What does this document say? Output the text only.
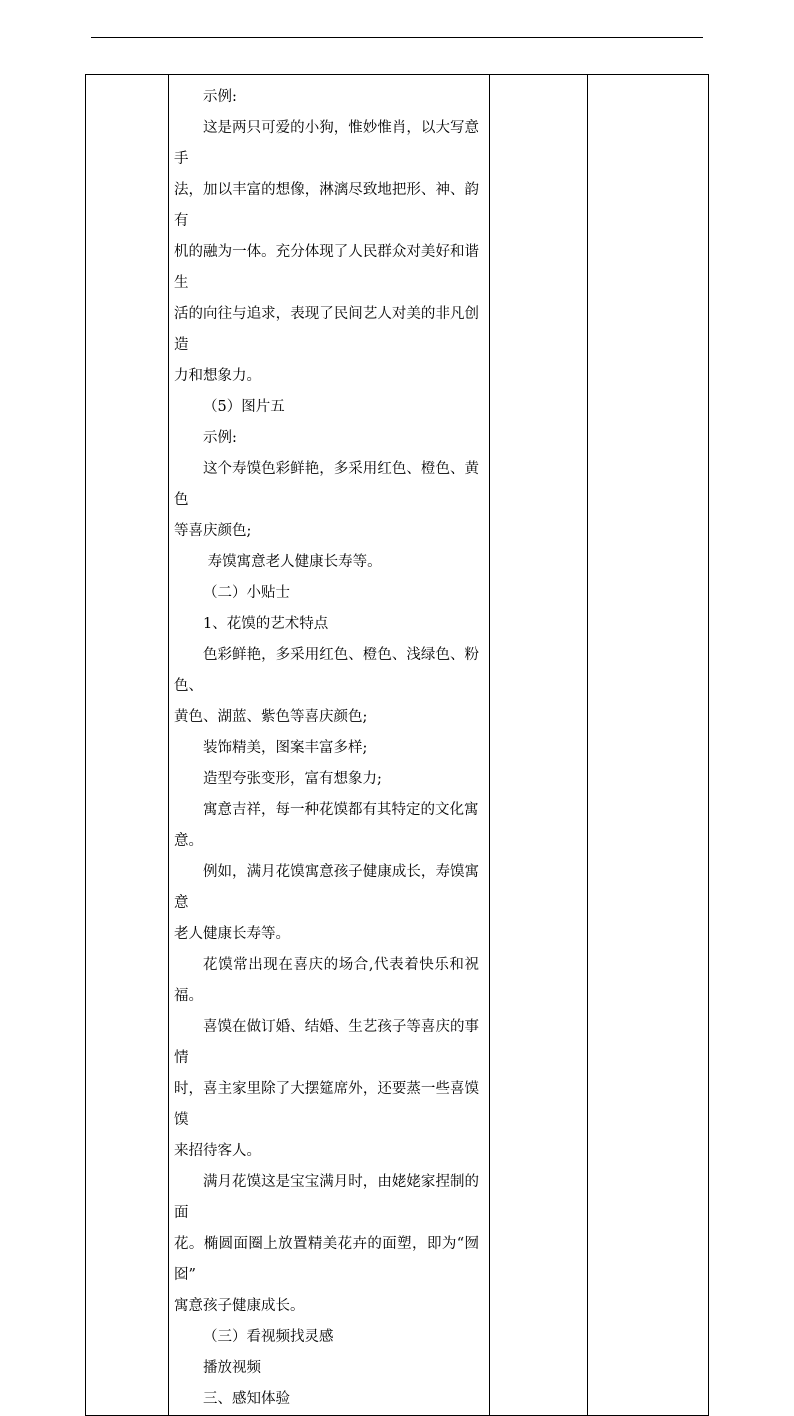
示例:

这是两只可爱的小狗，惟妙惟肖，以大写意手

法，加以丰富的想像，淋漓尽致地把形、神、韵有

机的融为一体。充分体现了人民群众对美好和谐生

活的向往与追求，表现了民间艺人对美的非凡创造

力和想象力。

（5）图片五

示例:

这个寿馍色彩鲜艳，多采用红色、橙色、黄色

等喜庆颜色;

寿馍寓意老人健康长寿等。

（二）小贴士

1、花馍的艺术特点

色彩鲜艳，多采用红色、橙色、浅绿色、粉色、

黄色、湖蓝、紫色等喜庆颜色;

装饰精美，图案丰富多样;

造型夸张变形，富有想象力;

寓意吉祥，每一种花馍都有其特定的文化寓

意。

例如，满月花馍寓意孩子健康成长，寿馍寓意

老人健康长寿等。

花馍常出现在喜庆的场合,代表着快乐和祝福。

喜馍在做订婚、结婚、生艺孩子等喜庆的事情

时，喜主家里除了大摆筵席外，还要蒸一些喜馍馍

来招待客人。

满月花馍这是宝宝满月时，由姥姥家捏制的面

花。椭圆面圈上放置精美花卉的面塑，即为“囫囵”

寓意孩子健康成长。

（三）看视频找灵感

播放视频

三、感知体验
